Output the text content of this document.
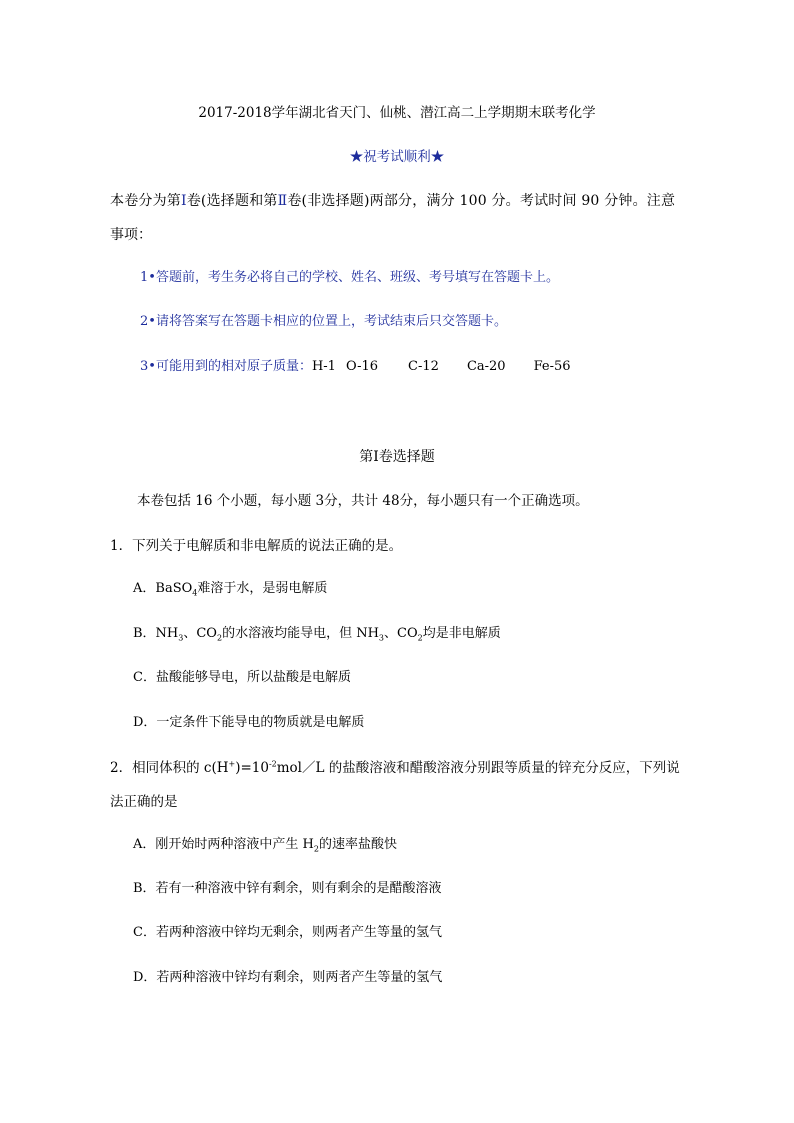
2017-2018学年湖北省天门、仙桃、潜江高二上学期期末联考化学
★祝考试顺利★
本卷分为第Ⅰ卷(选择题和第Ⅱ卷(非选择题)两部分，满分 100 分。考试时间 90 分钟。注意
事项：
1•答题前，考生务必将自己的学校、姓名、班级、考号填写在答题卡上。
2•请将答案写在答题卡相应的位置上，考试结束后只交答题卡。
3•可能用到的相对原子质量：H-1 O-16 C-12 Ca-20 Fe-56
第Ⅰ卷选择题
本卷包括 16 个小题，每小题 3分，共计 48分，每小题只有一个正确选项。
1．下列关于电解质和非电解质的说法正确的是。
A．BaSO$_4$难溶于水，是弱电解质
B．$NH_3$、$CO_2$的水溶液均能导电，但 $NH_3$、$CO_2$均是非电解质
C．盐酸能够导电，所以盐酸是电解质
D．一定条件下能导电的物质就是电解质
2．相同体积的 $c(H^+)=10^{-2}mol/L$ 的盐酸溶液和醋酸溶液分别跟等质量的锌充分反应，下列说
法正确的是
A．刚开始时两种溶液中产生 $H_2$的速率盐酸快
B．若有一种溶液中锌有剩余，则有剩余的是醋酸溶液
C．若两种溶液中锌均无剩余，则两者产生等量的氢气
D．若两种溶液中锌均有剩余，则两者产生等量的氢气
